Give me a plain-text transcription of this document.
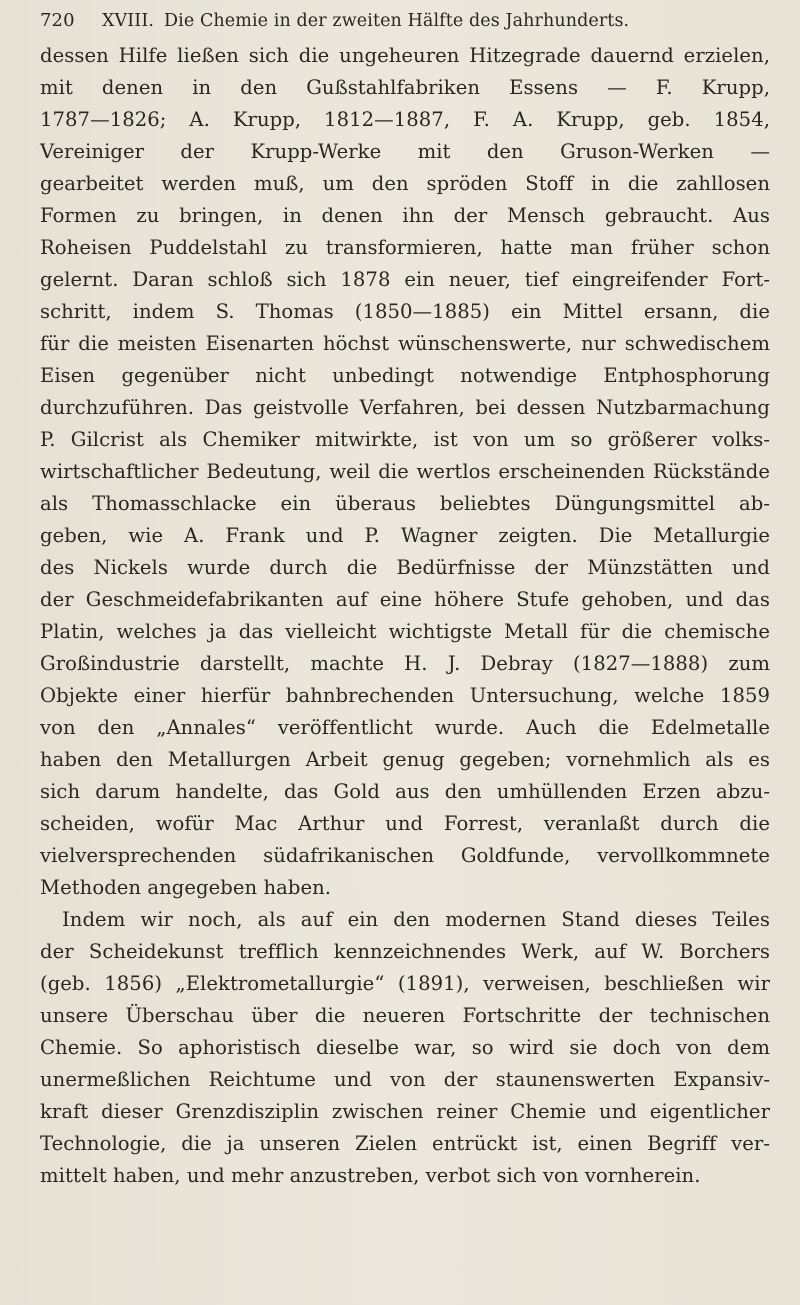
720	XVIII. Die Chemie in der zweiten Hälfte des Jahrhunderts.
dessen Hilfe ließen sich die ungeheuren Hitzegrade dauernd erzielen,
mit denen in den Gußstahlfabriken Essens — F. Krupp,
1787—1826; A. Krupp, 1812—1887, F. A. Krupp, geb. 1854,
Vereiniger der Krupp-Werke mit den Gruson-Werken —
gearbeitet werden muß, um den spröden Stoff in die zahllosen
Formen zu bringen, in denen ihn der Mensch gebraucht. Aus
Roheisen Puddelstahl zu transformieren, hatte man früher schon
gelernt. Daran schloß sich 1878 ein neuer, tief eingreifender Fort-
schritt, indem S. Thomas (1850—1885) ein Mittel ersann, die
für die meisten Eisenarten höchst wünschenswerte, nur schwedischem
Eisen gegenüber nicht unbedingt notwendige Entphosphorung
durchzuführen. Das geistvolle Verfahren, bei dessen Nutzbarmachung
P. Gilcrist als Chemiker mitwirkte, ist von um so größerer volks-
wirtschaftlicher Bedeutung, weil die wertlos erscheinenden Rückstände
als Thomasschlacke ein überaus beliebtes Düngungsmittel ab-
geben, wie A. Frank und P. Wagner zeigten. Die Metallurgie
des Nickels wurde durch die Bedürfnisse der Münzstätten und
der Geschmeidefabrikanten auf eine höhere Stufe gehoben, und das
Platin, welches ja das vielleicht wichtigste Metall für die chemische
Großindustrie darstellt, machte H. J. Debray (1827—1888) zum
Objekte einer hierfür bahnbrechenden Untersuchung, welche 1859
von den „Annales“ veröffentlicht wurde. Auch die Edelmetalle
haben den Metallurgen Arbeit genug gegeben; vornehmlich als es
sich darum handelte, das Gold aus den umhüllenden Erzen abzu-
scheiden, wofür Mac Arthur und Forrest, veranlaßt durch die
vielversprechenden südafrikanischen Goldfunde, vervollkommnete
Methoden angegeben haben.
Indem wir noch, als auf ein den modernen Stand dieses Teiles
der Scheidekunst trefflich kennzeichnendes Werk, auf W. Borchers
(geb. 1856) „Elektrometallurgie“ (1891), verweisen, beschließen wir
unsere Überschau über die neueren Fortschritte der technischen
Chemie. So aphoristisch dieselbe war, so wird sie doch von dem
unermeßlichen Reichtume und von der staunenswerten Expansiv-
kraft dieser Grenzdisziplin zwischen reiner Chemie und eigentlicher
Technologie, die ja unseren Zielen entrückt ist, einen Begriff ver-
mittelt haben, und mehr anzustreben, verbot sich von vornherein.
